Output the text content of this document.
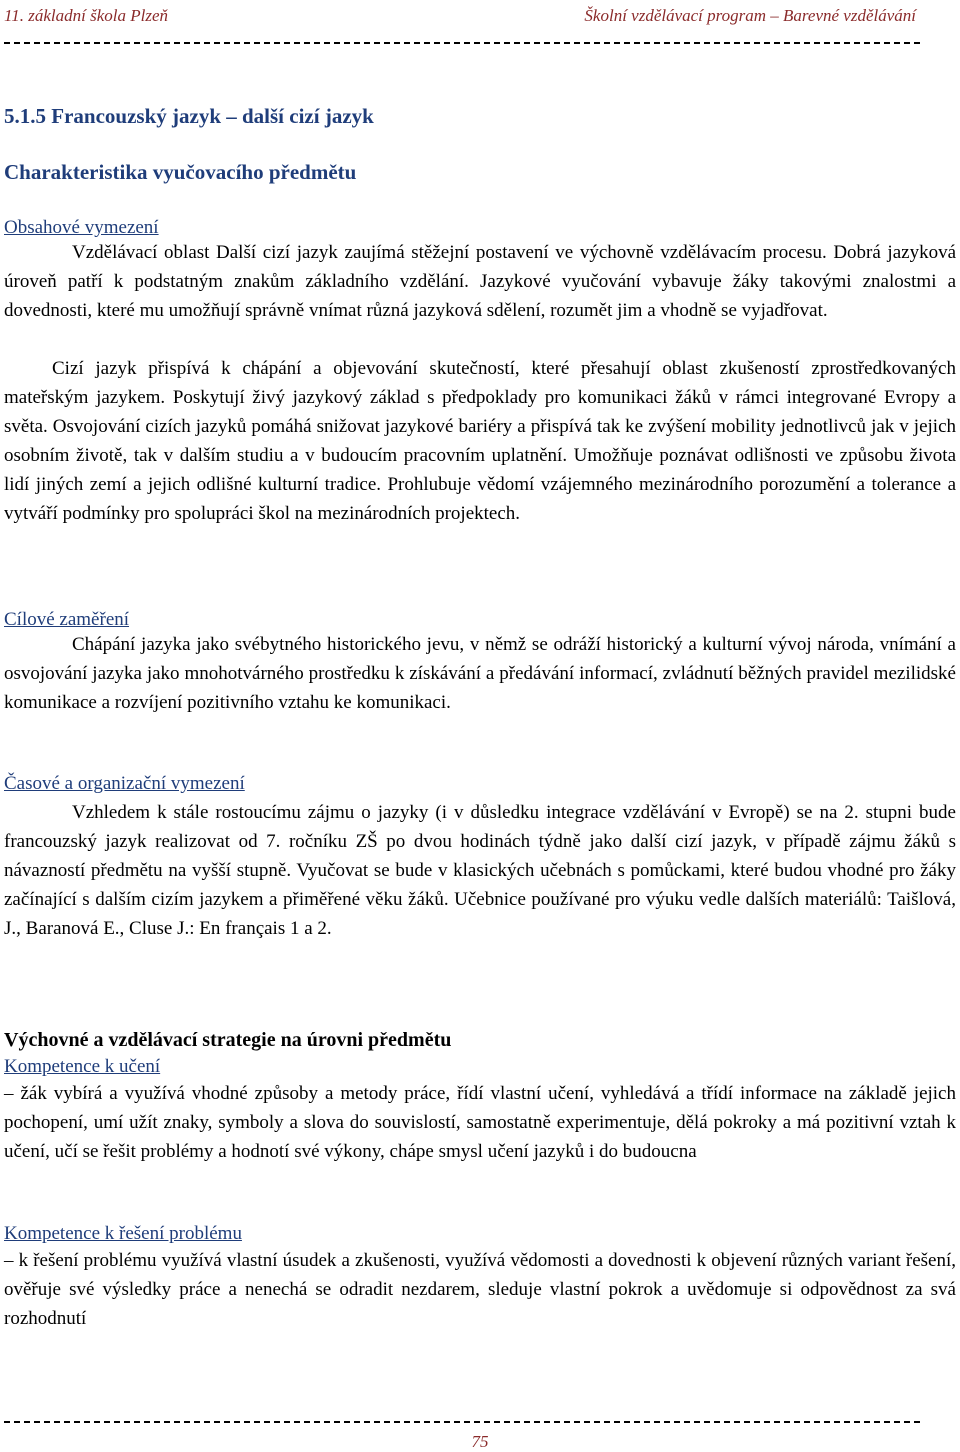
11. základní škola Plzeň	Školní vzdělávací program – Barevné vzdělávání
5.1.5 Francouzský jazyk – další cizí jazyk
Charakteristika vyučovacího předmětu
Obsahové vymezení
Vzdělávací oblast Další cizí jazyk zaujímá stěžejní postavení ve výchovně vzdělávacím procesu. Dobrá jazyková úroveň patří k podstatným znakům základního vzdělání. Jazykové vyučování vybavuje žáky takovými znalostmi a dovednosti, které mu umožňují správně vnímat různá jazyková sdělení, rozumět jim a vhodně se vyjadřovat.
Cizí jazyk přispívá k chápání a objevování skutečností, které přesahují oblast zkušeností zprostředkovaných mateřským jazykem. Poskytují živý jazykový základ s předpoklady pro komunikaci žáků v rámci integrované Evropy a světa. Osvojování cizích jazyků pomáhá snižovat jazykové bariéry a přispívá tak ke zvýšení mobility jednotlivců jak v jejich osobním životě, tak v dalším studiu a v budoucím pracovním uplatnění. Umožňuje poznávat odlišnosti ve způsobu života lidí jiných zemí a jejich odlišné kulturní tradice. Prohlubuje vědomí vzájemného mezinárodního porozumění a tolerance a vytváří podmínky pro spolupráci škol na mezinárodních projektech.
Cílové zaměření
Chápání jazyka jako svébytného historického jevu, v němž se odráží historický a kulturní vývoj národa, vnímání a osvojování jazyka jako mnohotvárného prostředku k získávání a předávání informací, zvládnutí běžných pravidel mezilidské komunikace a rozvíjení pozitivního vztahu ke komunikaci.
Časové a organizační vymezení
Vzhledem k stále rostoucímu zájmu o jazyky (i v důsledku integrace vzdělávání v Evropě) se na 2. stupni bude francouzský jazyk realizovat od 7. ročníku ZŠ po dvou hodinách týdně jako další cizí jazyk, v případě zájmu žáků s návazností předmětu na vyšší stupně. Vyučovat se bude v klasických učebnách s pomůckami, které budou vhodné pro žáky začínající s dalším cizím jazykem a přiměřené věku žáků. Učebnice používané pro výuku vedle dalších materiálů: Taišlová, J., Baranová E., Cluse J.: En français 1 a 2.
Výchovné a vzdělávací strategie na úrovni předmětu
Kompetence k učení
– žák vybírá a využívá vhodné způsoby a metody práce, řídí vlastní učení, vyhledává a třídí informace na základě jejich pochopení, umí užít znaky, symboly a slova do souvislostí, samostatně experimentuje, dělá pokroky a má pozitivní vztah k učení, učí se řešit problémy a hodnotí své výkony, chápe smysl učení jazyků i do budoucna
Kompetence k řešení problému
– k řešení problému využívá vlastní úsudek a zkušenosti, využívá vědomosti a dovednosti k objevení různých variant řešení, ověřuje své výsledky práce a nenechá se odradit nezdarem, sleduje vlastní pokrok a uvědomuje si odpovědnost za svá rozhodnutí
75
